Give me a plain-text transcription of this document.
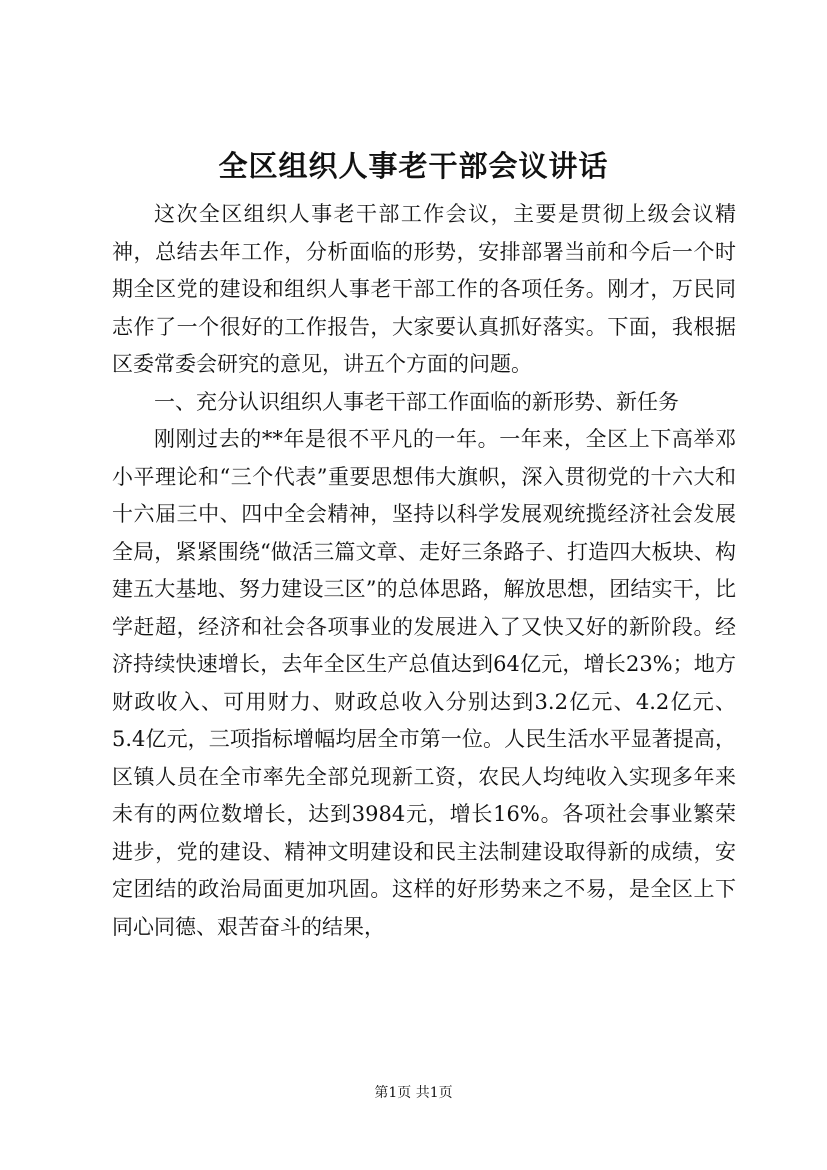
全区组织人事老干部会议讲话

这次全区组织人事老干部工作会议，主要是贯彻上级会议精神，总结去年工作，分析面临的形势，安排部署当前和今后一个时期全区党的建设和组织人事老干部工作的各项任务。刚才，万民同志作了一个很好的工作报告，大家要认真抓好落实。下面，我根据区委常委会研究的意见，讲五个方面的问题。

一、充分认识组织人事老干部工作面临的新形势、新任务

刚刚过去的**年是很不平凡的一年。一年来，全区上下高举邓小平理论和“三个代表”重要思想伟大旗帜，深入贯彻党的十六大和十六届三中、四中全会精神，坚持以科学发展观统揽经济社会发展全局，紧紧围绕“做活三篇文章、走好三条路子、打造四大板块、构建五大基地、努力建设三区”的总体思路，解放思想，团结实干，比学赶超，经济和社会各项事业的发展进入了又快又好的新阶段。经济持续快速增长，去年全区生产总值达到64亿元，增长23%；地方财政收入、可用财力、财政总收入分别达到3.2亿元、4.2亿元、5.4亿元，三项指标增幅均居全市第一位。人民生活水平显著提高，区镇人员在全市率先全部兑现新工资，农民人均纯收入实现多年来未有的两位数增长，达到3984元，增长16%。各项社会事业繁荣进步，党的建设、精神文明建设和民主法制建设取得新的成绩，安定团结的政治局面更加巩固。这样的好形势来之不易，是全区上下同心同德、艰苦奋斗的结果，

第1页 共1页
